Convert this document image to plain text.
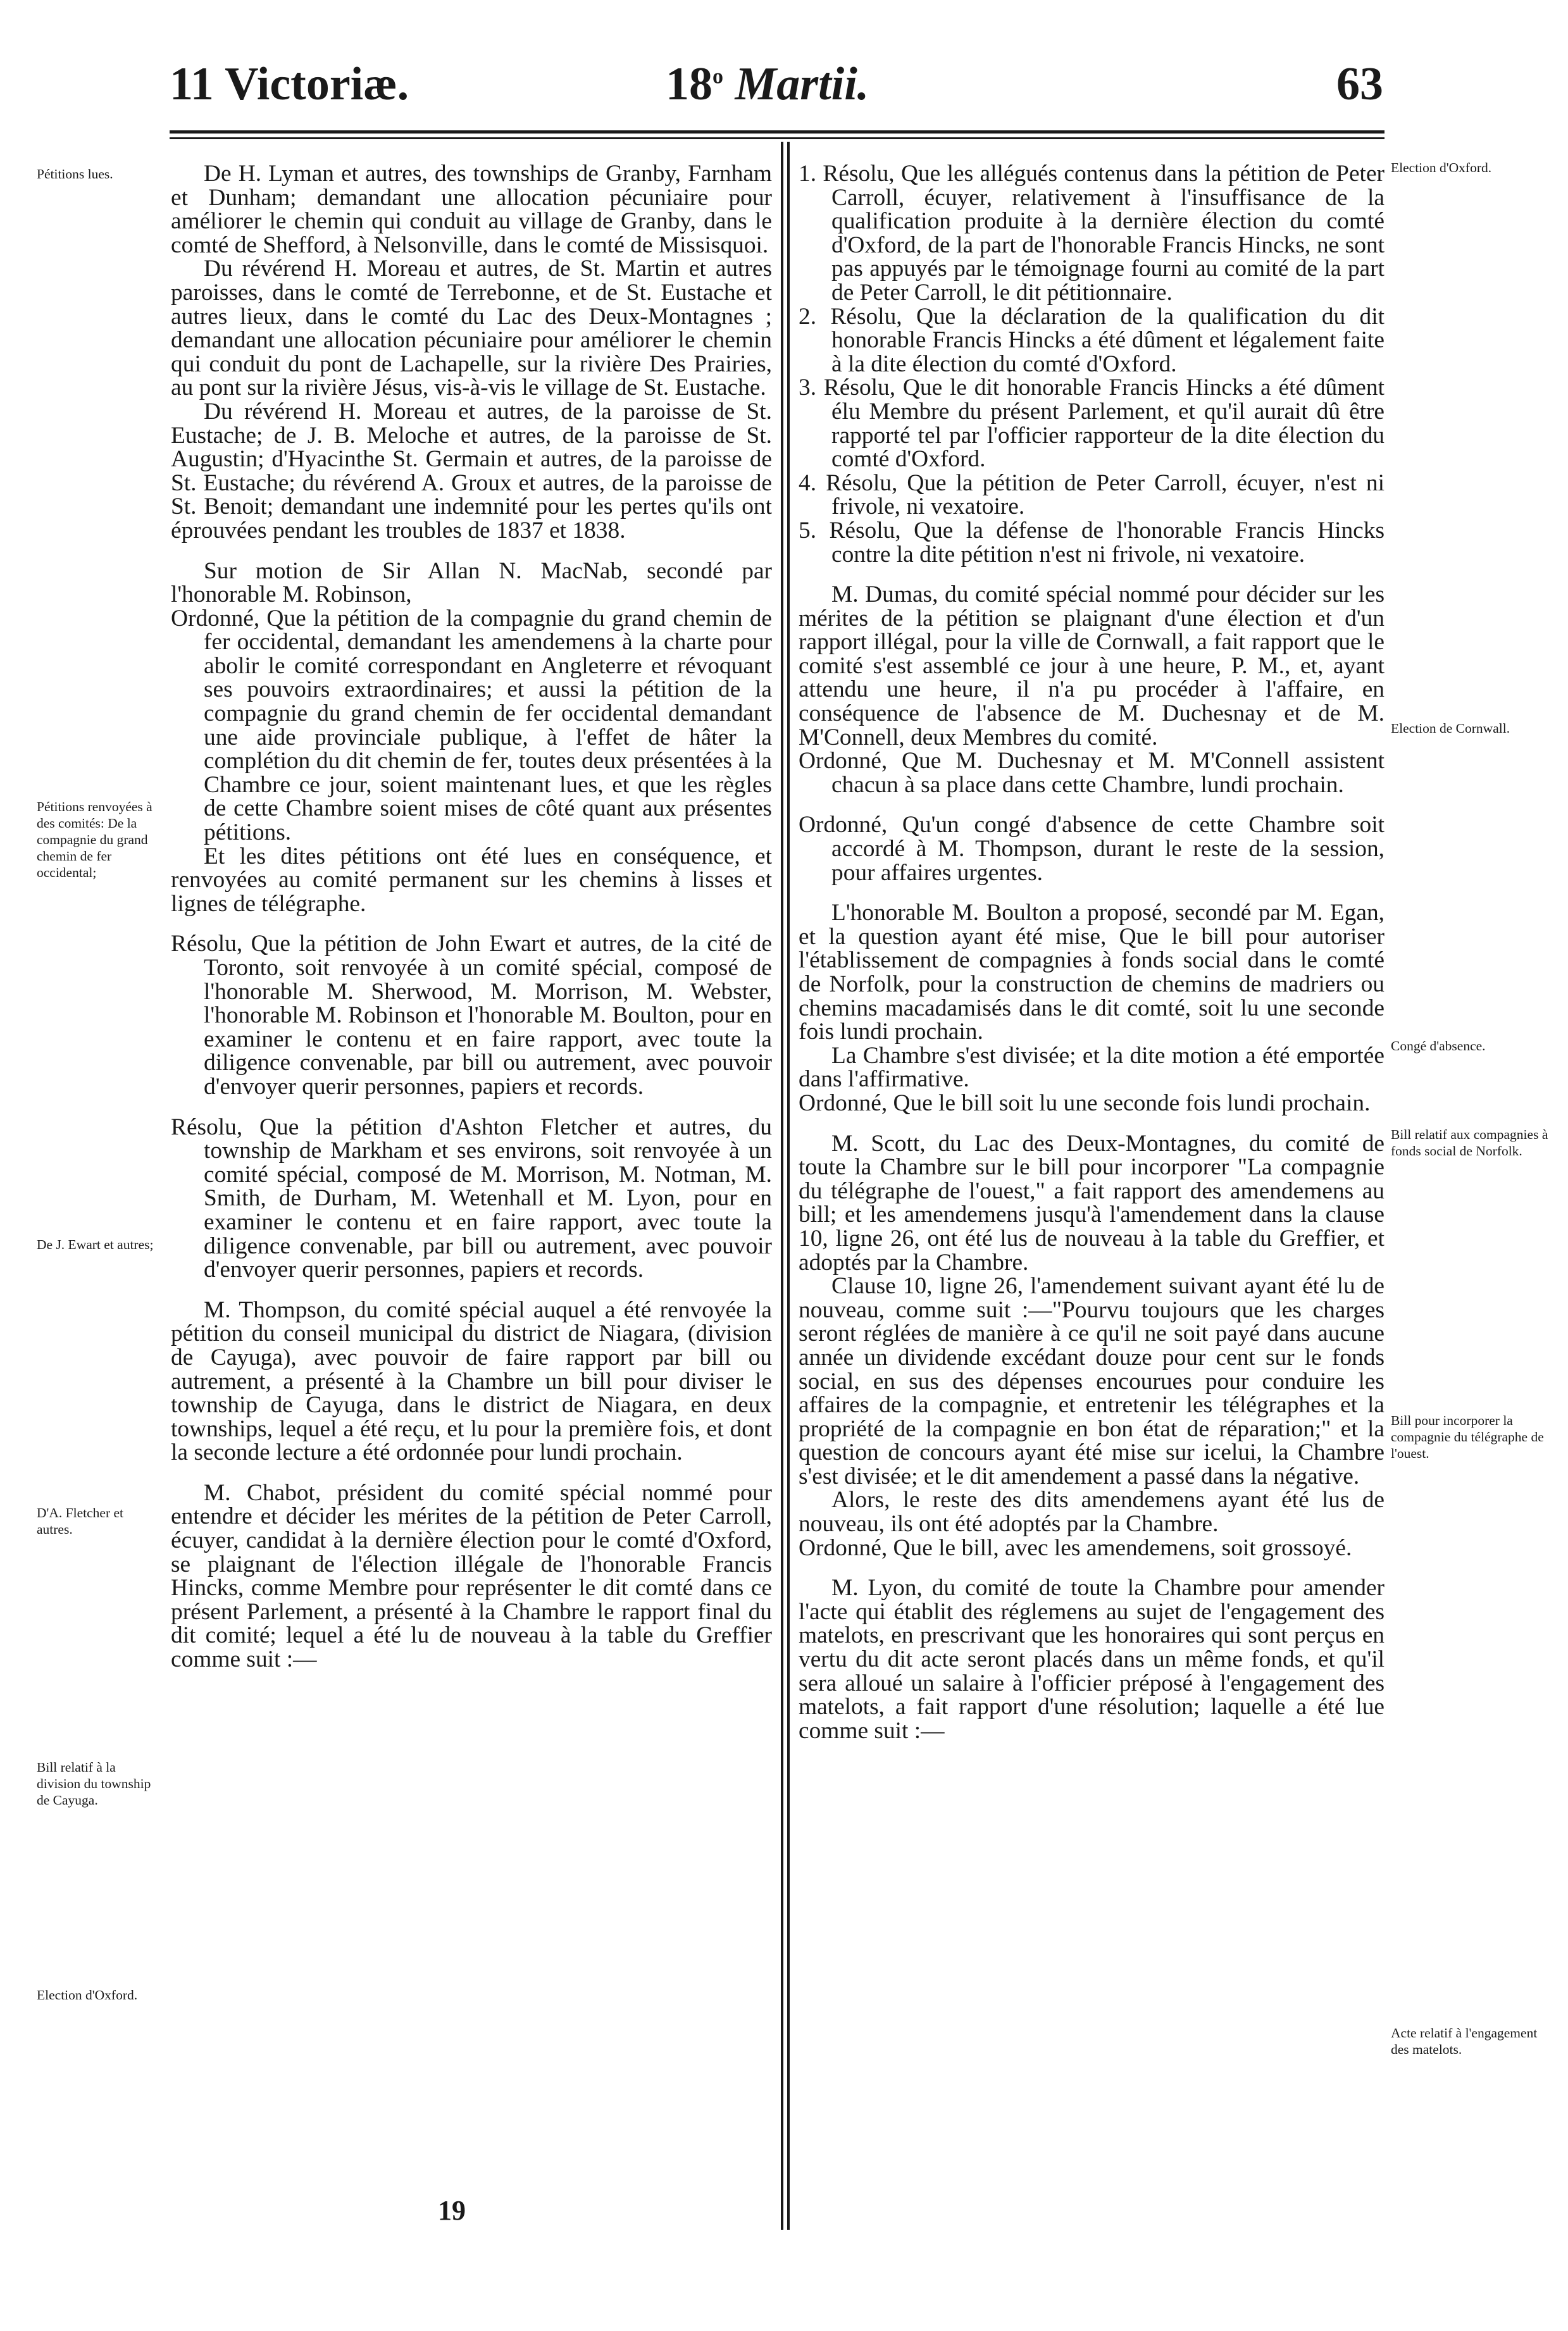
11 Victoriæ.	18$^o$ Martii.	63
Pétitions lues.
Pétitions renvoyées à des comités: De la compagnie du grand chemin de fer occidental;
De J. Ewart et autres;
D'A. Fletcher et autres.
Bill relatif à la division du township de Cayuga.
Election d'Oxford.
Election d'Oxford.
Election de Cornwall.
Congé d'absence.
Bill relatif aux compagnies à fonds social de Norfolk.
Bill pour incorporer la compagnie du télégraphe de l'ouest.
Acte relatif à l'engagement des matelots.

De H. Lyman et autres, des townships de Granby, Farnham et Dunham; demandant une allocation pécuniaire pour améliorer le chemin qui conduit au village de Granby, dans le comté de Shefford, à Nelsonville, dans le comté de Missisquoi.

Du révérend H. Moreau et autres, de St. Martin et autres paroisses, dans le comté de Terrebonne, et de St. Eustache et autres lieux, dans le comté du Lac des Deux-Montagnes ; demandant une allocation pécuniaire pour améliorer le chemin qui conduit du pont de Lachapelle, sur la rivière Des Prairies, au pont sur la rivière Jésus, vis-à-vis le village de St. Eustache.

Du révérend H. Moreau et autres, de la paroisse de St. Eustache; de J. B. Meloche et autres, de la paroisse de St. Augustin; d'Hyacinthe St. Germain et autres, de la paroisse de St. Eustache; du révérend A. Groux et autres, de la paroisse de St. Benoit; demandant une indemnité pour les pertes qu'ils ont éprouvées pendant les troubles de 1837 et 1838.

Sur motion de Sir Allan N. MacNab, secondé par l'honorable M. Robinson,

Ordonné, Que la pétition de la compagnie du grand chemin de fer occidental, demandant les amendemens à la charte pour abolir le comité correspondant en Angleterre et révoquant ses pouvoirs extraordinaires; et aussi la pétition de la compagnie du grand chemin de fer occidental demandant une aide provinciale publique, à l'effet de hâter la complétion du dit chemin de fer, toutes deux présentées à la Chambre ce jour, soient maintenant lues, et que les règles de cette Chambre soient mises de côté quant aux présentes pétitions.

Et les dites pétitions ont été lues en conséquence, et renvoyées au comité permanent sur les chemins à lisses et lignes de télégraphe.

Résolu, Que la pétition de John Ewart et autres, de la cité de Toronto, soit renvoyée à un comité spécial, composé de l'honorable M. Sherwood, M. Morrison, M. Webster, l'honorable M. Robinson et l'honorable M. Boulton, pour en examiner le contenu et en faire rapport, avec toute la diligence convenable, par bill ou autrement, avec pouvoir d'envoyer querir personnes, papiers et records.

Résolu, Que la pétition d'Ashton Fletcher et autres, du township de Markham et ses environs, soit renvoyée à un comité spécial, composé de M. Morrison, M. Notman, M. Smith, de Durham, M. Wetenhall et M. Lyon, pour en examiner le contenu et en faire rapport, avec toute la diligence convenable, par bill ou autrement, avec pouvoir d'envoyer querir personnes, papiers et records.

M. Thompson, du comité spécial auquel a été renvoyée la pétition du conseil municipal du district de Niagara, (division de Cayuga), avec pouvoir de faire rapport par bill ou autrement, a présenté à la Chambre un bill pour diviser le township de Cayuga, dans le district de Niagara, en deux townships, lequel a été reçu, et lu pour la première fois, et dont la seconde lecture a été ordonnée pour lundi prochain.

M. Chabot, président du comité spécial nommé pour entendre et décider les mérites de la pétition de Peter Carroll, écuyer, candidat à la dernière élection pour le comté d'Oxford, se plaignant de l'élection illégale de l'honorable Francis Hincks, comme Membre pour représenter le dit comté dans ce présent Parlement, a présenté à la Chambre le rapport final du dit comité; lequel a été lu de nouveau à la table du Greffier comme suit :—

1. Résolu, Que les allégués contenus dans la pétition de Peter Carroll, écuyer, relativement à l'insuffisance de la qualification produite à la dernière élection du comté d'Oxford, de la part de l'honorable Francis Hincks, ne sont pas appuyés par le témoignage fourni au comité de la part de Peter Carroll, le dit pétitionnaire.

2. Résolu, Que la déclaration de la qualification du dit honorable Francis Hincks a été dûment et légalement faite à la dite élection du comté d'Oxford.

3. Résolu, Que le dit honorable Francis Hincks a été dûment élu Membre du présent Parlement, et qu'il aurait dû être rapporté tel par l'officier rapporteur de la dite élection du comté d'Oxford.

4. Résolu, Que la pétition de Peter Carroll, écuyer, n'est ni frivole, ni vexatoire.

5. Résolu, Que la défense de l'honorable Francis Hincks contre la dite pétition n'est ni frivole, ni vexatoire.

M. Dumas, du comité spécial nommé pour décider sur les mérites de la pétition se plaignant d'une élection et d'un rapport illégal, pour la ville de Cornwall, a fait rapport que le comité s'est assemblé ce jour à une heure, P. M., et, ayant attendu une heure, il n'a pu procéder à l'affaire, en conséquence de l'absence de M. Duchesnay et de M. M'Connell, deux Membres du comité.

Ordonné, Que M. Duchesnay et M. M'Connell assistent chacun à sa place dans cette Chambre, lundi prochain.

Ordonné, Qu'un congé d'absence de cette Chambre soit accordé à M. Thompson, durant le reste de la session, pour affaires urgentes.

L'honorable M. Boulton a proposé, secondé par M. Egan, et la question ayant été mise, Que le bill pour autoriser l'établissement de compagnies à fonds social dans le comté de Norfolk, pour la construction de chemins de madriers ou chemins macadamisés dans le dit comté, soit lu une seconde fois lundi prochain.

La Chambre s'est divisée; et la dite motion a été emportée dans l'affirmative.

Ordonné, Que le bill soit lu une seconde fois lundi prochain.

M. Scott, du Lac des Deux-Montagnes, du comité de toute la Chambre sur le bill pour incorporer "La compagnie du télégraphe de l'ouest," a fait rapport des amendemens au bill; et les amendemens jusqu'à l'amendement dans la clause 10, ligne 26, ont été lus de nouveau à la table du Greffier, et adoptés par la Chambre.

Clause 10, ligne 26, l'amendement suivant ayant été lu de nouveau, comme suit :—"Pourvu toujours que les charges seront réglées de manière à ce qu'il ne soit payé dans aucune année un dividende excédant douze pour cent sur le fonds social, en sus des dépenses encourues pour conduire les affaires de la compagnie, et entretenir les télégraphes et la propriété de la compagnie en bon état de réparation;" et la question de concours ayant été mise sur icelui, la Chambre s'est divisée; et le dit amendement a passé dans la négative.

Alors, le reste des dits amendemens ayant été lus de nouveau, ils ont été adoptés par la Chambre.

Ordonné, Que le bill, avec les amendemens, soit grossoyé.

M. Lyon, du comité de toute la Chambre pour amender l'acte qui établit des réglemens au sujet de l'engagement des matelots, en prescrivant que les honoraires qui sont perçus en vertu du dit acte seront placés dans un même fonds, et qu'il sera alloué un salaire à l'officier préposé à l'engagement des matelots, a fait rapport d'une résolution; laquelle a été lue comme suit :—

19
